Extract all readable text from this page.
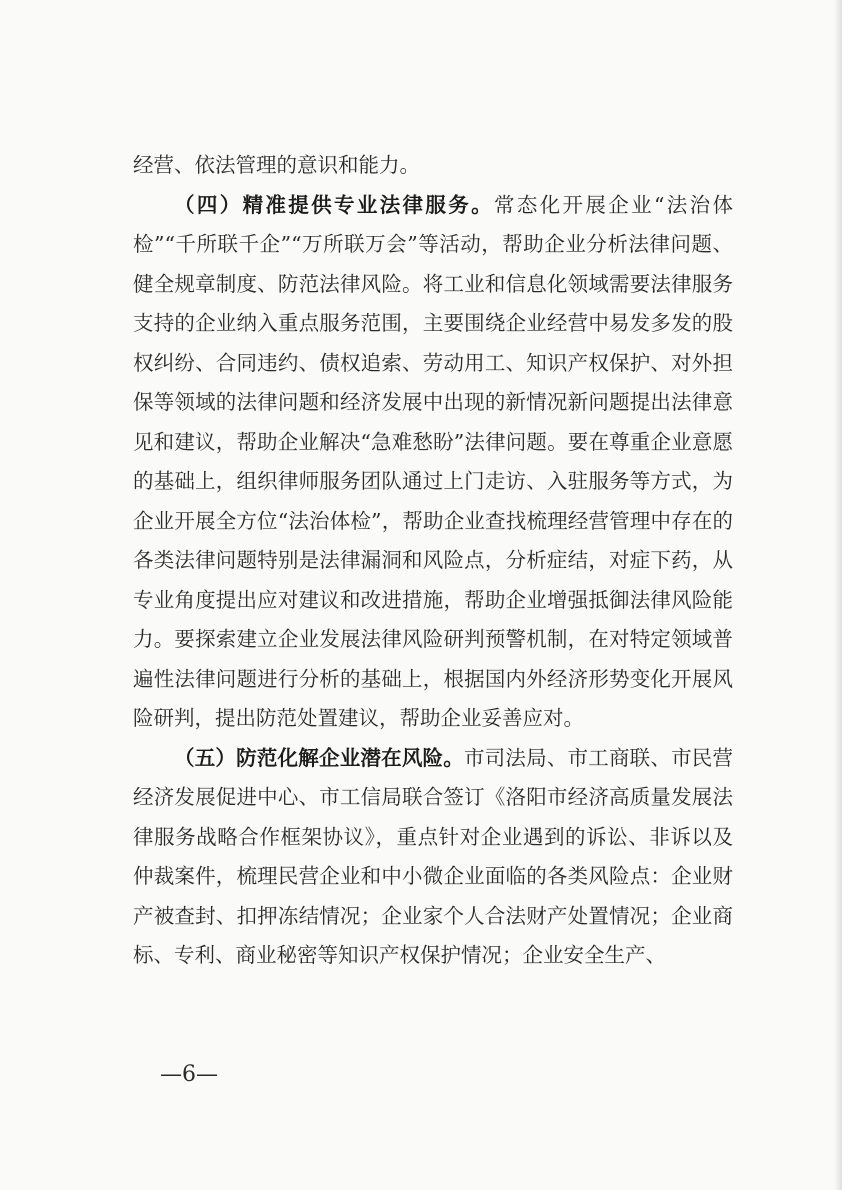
经营、依法管理的意识和能力。

（四）精准提供专业法律服务。常态化开展企业“法治体检”“千所联千企”“万所联万会”等活动，帮助企业分析法律问题、健全规章制度、防范法律风险。将工业和信息化领域需要法律服务支持的企业纳入重点服务范围，主要围绕企业经营中易发多发的股权纠纷、合同违约、债权追索、劳动用工、知识产权保护、对外担保等领域的法律问题和经济发展中出现的新情况新问题提出法律意见和建议，帮助企业解决“急难愁盼”法律问题。要在尊重企业意愿的基础上，组织律师服务团队通过上门走访、入驻服务等方式，为企业开展全方位“法治体检”，帮助企业查找梳理经营管理中存在的各类法律问题特别是法律漏洞和风险点，分析症结，对症下药，从专业角度提出应对建议和改进措施，帮助企业增强抵御法律风险能力。要探索建立企业发展法律风险研判预警机制，在对特定领域普遍性法律问题进行分析的基础上，根据国内外经济形势变化开展风险研判，提出防范处置建议，帮助企业妥善应对。

（五）防范化解企业潜在风险。市司法局、市工商联、市民营经济发展促进中心、市工信局联合签订《洛阳市经济高质量发展法律服务战略合作框架协议》，重点针对企业遇到的诉讼、非诉以及仲裁案件，梳理民营企业和中小微企业面临的各类风险点：企业财产被查封、扣押冻结情况；企业家个人合法财产处置情况；企业商标、专利、商业秘密等知识产权保护情况；企业安全生产、

—6—
